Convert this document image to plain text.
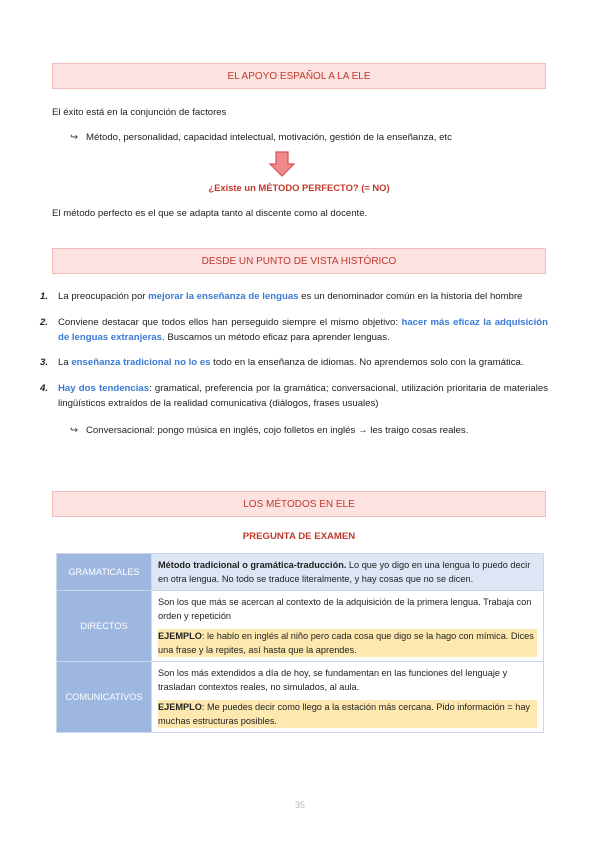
EL APOYO ESPAÑOL A LA ELE
El éxito está en la conjunción de factores
↪ Método, personalidad, capacidad intelectual, motivación, gestión de la enseñanza, etc
¿Existe un MÉTODO PERFECTO? (= NO)
El método perfecto es el que se adapta tanto al discente como al docente.
DESDE UN PUNTO DE VISTA HISTÓRICO
1. La preocupación por mejorar la enseñanza de lenguas es un denominador común en la historia del hombre
2. Conviene destacar que todos ellos han perseguido siempre el mismo objetivo: hacer más eficaz la adquisición de lenguas extranjeras. Buscamos un método eficaz para aprender lenguas.
3. La enseñanza tradicional no lo es todo en la enseñanza de idiomas. No aprendemos solo con la gramática.
4. Hay dos tendencias: gramatical, preferencia por la gramática; conversacional, utilización prioritaria de materiales lingüísticos extraídos de la realidad comunicativa (diálogos, frases usuales)
↪ Conversacional: pongo música en inglés, cojo folletos en inglés → les traigo cosas reales.
LOS MÉTODOS EN ELE
PREGUNTA DE EXAMEN
GRAMATICALES	Método tradicional o gramática-traducción. Lo que yo digo en una lengua lo puedo decir en otra lengua. No todo se traduce literalmente, y hay cosas que no se dicen.
DIRECTOS	Son los que más se acercan al contexto de la adquisición de la primera lengua. Trabaja con orden y repetición
EJEMPLO: le hablo en inglés al niño pero cada cosa que digo se la hago con mímica. Dices una frase y la repites, así hasta que la aprendes.

COMUNICATIVOS	Son los más extendidos a día de hoy, se fundamentan en las funciones del lenguaje y trasladan contextos reales, no simulados, al aula.
EJEMPLO: Me puedes decir como llego a la estación más cercana. Pido información = hay muchas estructuras posibles.
35
